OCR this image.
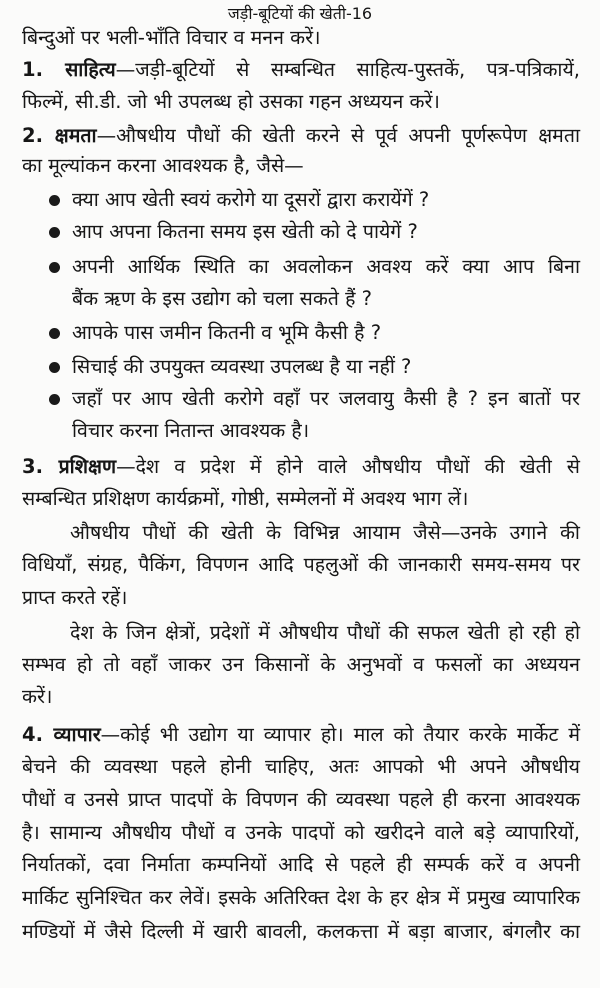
जड़ी-बूटियों की खेती-16
बिन्दुओं पर भली-भाँति विचार व मनन करें।
1. साहित्य—जड़ी-बूटियों से सम्बन्धित साहित्य-पुस्तकें, पत्र-पत्रिकायें,
फिल्में, सी.डी. जो भी उपलब्ध हो उसका गहन अध्ययन करें।
2. क्षमता—औषधीय पौधों की खेती करने से पूर्व अपनी पूर्णरूपेण क्षमता
का मूल्यांकन करना आवश्यक है, जैसे—
क्या आप खेती स्वयं करोगे या दूसरों द्वारा करायेंगें ?
आप अपना कितना समय इस खेती को दे पायेगें ?
अपनी आर्थिक स्थिति का अवलोकन अवश्य करें क्या आप बिना
बैंक ऋण के इस उद्योग को चला सकते हैं ?
आपके पास जमीन कितनी व भूमि कैसी है ?
सिचाई की उपयुक्त व्यवस्था उपलब्ध है या नहीं ?
जहाँ पर आप खेती करोगे वहाँ पर जलवायु कैसी है ? इन बातों पर
विचार करना नितान्त आवश्यक है।
3. प्रशिक्षण—देश व प्रदेश में होने वाले औषधीय पौधों की खेती से
सम्बन्धित प्रशिक्षण कार्यक्रमों, गोष्ठी, सम्मेलनों में अवश्य भाग लें।
औषधीय पौधों की खेती के विभिन्न आयाम जैसे—उनके उगाने की
विधियाँ, संग्रह, पैकिंग, विपणन आदि पहलुओं की जानकारी समय-समय पर
प्राप्त करते रहें।
देश के जिन क्षेत्रों, प्रदेशों में औषधीय पौधों की सफल खेती हो रही हो
सम्भव हो तो वहाँ जाकर उन किसानों के अनुभवों व फसलों का अध्ययन
करें।
4. व्यापार—कोई भी उद्योग या व्यापार हो। माल को तैयार करके मार्केट में
बेचने की व्यवस्था पहले होनी चाहिए, अतः आपको भी अपने औषधीय
पौधों व उनसे प्राप्त पादपों के विपणन की व्यवस्था पहले ही करना आवश्यक
है। सामान्य औषधीय पौधों व उनके पादपों को खरीदने वाले बड़े व्यापारियों,
निर्यातकों, दवा निर्माता कम्पनियों आदि से पहले ही सम्पर्क करें व अपनी
मार्किट सुनिश्चित कर लेवें। इसके अतिरिक्त देश के हर क्षेत्र में प्रमुख व्यापारिक
मण्डियों में जैसे दिल्ली में खारी बावली, कलकत्ता में बड़ा बाजार, बंगलौर का
